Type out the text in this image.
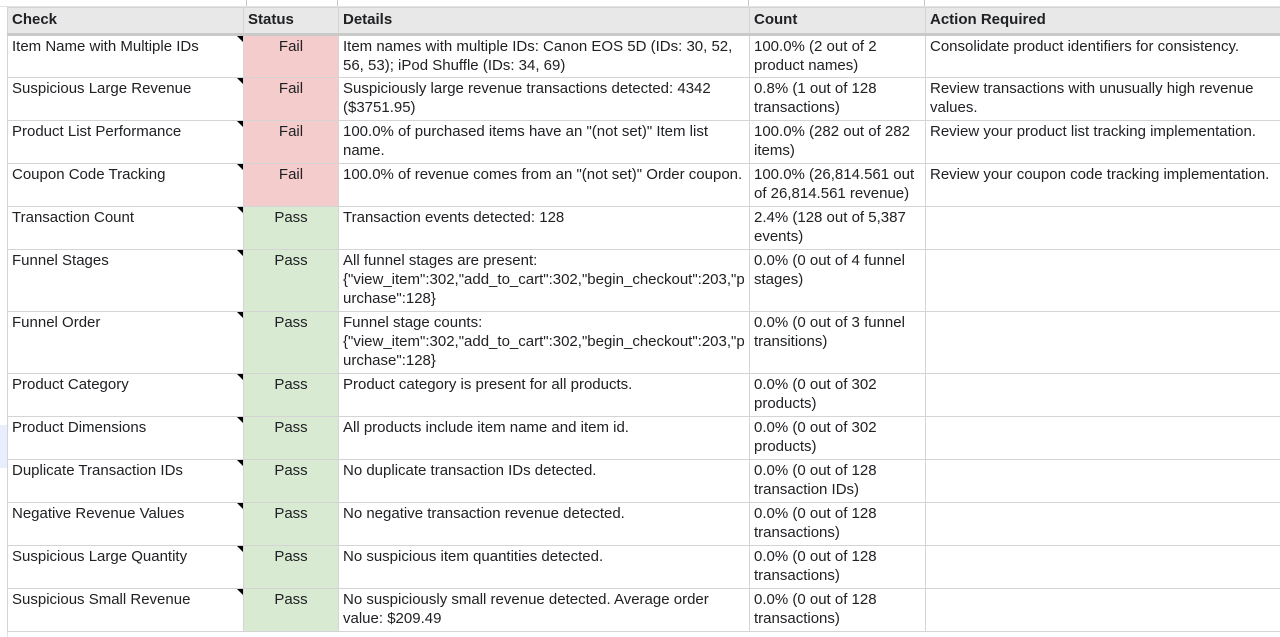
Check	Status	Details	Count	Action Required
Item Name with Multiple IDs	Fail	Item names with multiple IDs: Canon EOS 5D (IDs: 30, 52, 56, 53); iPod Shuffle (IDs: 34, 69)	100.0% (2 out of 2 product names)	Consolidate product identifiers for consistency.
Suspicious Large Revenue	Fail	Suspiciously large revenue transactions detected: 4342 ($3751.95)	0.8% (1 out of 128 transactions)	Review transactions with unusually high revenue values.
Product List Performance	Fail	100.0% of purchased items have an "(not set)" Item list name.	100.0% (282 out of 282 items)	Review your product list tracking implementation.
Coupon Code Tracking	Fail	100.0% of revenue comes from an "(not set)" Order coupon.	100.0% (26,814.561 out of 26,814.561 revenue)	Review your coupon code tracking implementation.
Transaction Count	Pass	Transaction events detected: 128	2.4% (128 out of 5,387 events)	
Funnel Stages	Pass	All funnel stages are present: {"view_item":302,"add_to_cart":302,"begin_checkout":203,"purchase":128}	0.0% (0 out of 4 funnel stages)	
Funnel Order	Pass	Funnel stage counts: {"view_item":302,"add_to_cart":302,"begin_checkout":203,"purchase":128}	0.0% (0 out of 3 funnel transitions)	
Product Category	Pass	Product category is present for all products.	0.0% (0 out of 302 products)	
Product Dimensions	Pass	All products include item name and item id.	0.0% (0 out of 302 products)	
Duplicate Transaction IDs	Pass	No duplicate transaction IDs detected.	0.0% (0 out of 128 transaction IDs)	
Negative Revenue Values	Pass	No negative transaction revenue detected.	0.0% (0 out of 128 transactions)	
Suspicious Large Quantity	Pass	No suspicious item quantities detected.	0.0% (0 out of 128 transactions)	
Suspicious Small Revenue	Pass	No suspiciously small revenue detected. Average order value: $209.49	0.0% (0 out of 128 transactions)	
